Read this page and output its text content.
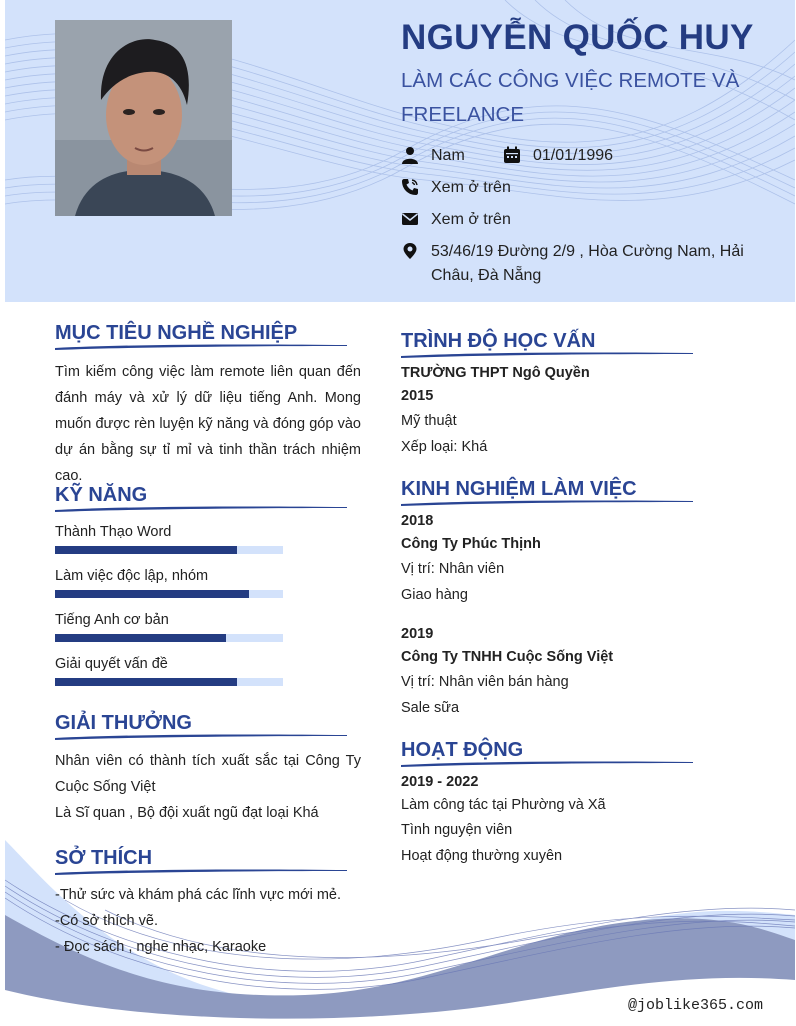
NGUYỄN QUỐC HUY
LÀM CÁC CÔNG VIỆC REMOTE VÀ FREELANCE
Nam	01/01/1996
Xem ở trên
Xem ở trên
53/46/19 Đường 2/9 , Hòa Cường Nam, Hải Châu, Đà Nẵng
MỤC TIÊU NGHỀ NGHIỆP
Tìm kiếm công việc làm remote liên quan đến đánh máy và xử lý dữ liệu tiếng Anh. Mong muốn được rèn luyện kỹ năng và đóng góp vào dự án bằng sự tỉ mỉ và tinh thần trách nhiệm cao.
KỸ NĂNG
Thành Thạo Word
Làm việc độc lập, nhóm
Tiếng Anh cơ bản
Giải quyết vấn đề
GIẢI THƯỞNG
Nhân viên có thành tích xuất sắc tại Công Ty Cuộc Sống Việt
Là Sĩ quan , Bộ đội xuất ngũ đạt loại Khá
SỞ THÍCH
-Thử sức và khám phá các lĩnh vực mới mẻ.
-Có sở thích vẽ.
- Đọc sách , nghe nhạc, Karaoke
TRÌNH ĐỘ HỌC VẤN
TRƯỜNG THPT Ngô Quyền
2015
Mỹ thuật
Xếp loại: Khá
KINH NGHIỆM LÀM VIỆC
2018
Công Ty Phúc Thịnh
Vị trí: Nhân viên
Giao hàng
2019
Công Ty TNHH Cuộc Sống Việt
Vị trí: Nhân viên bán hàng
Sale sữa
HOẠT ĐỘNG
2019 - 2022
Làm công tác tại Phường và Xã
Tình nguyện viên
Hoạt động thường xuyên
@joblike365.com
